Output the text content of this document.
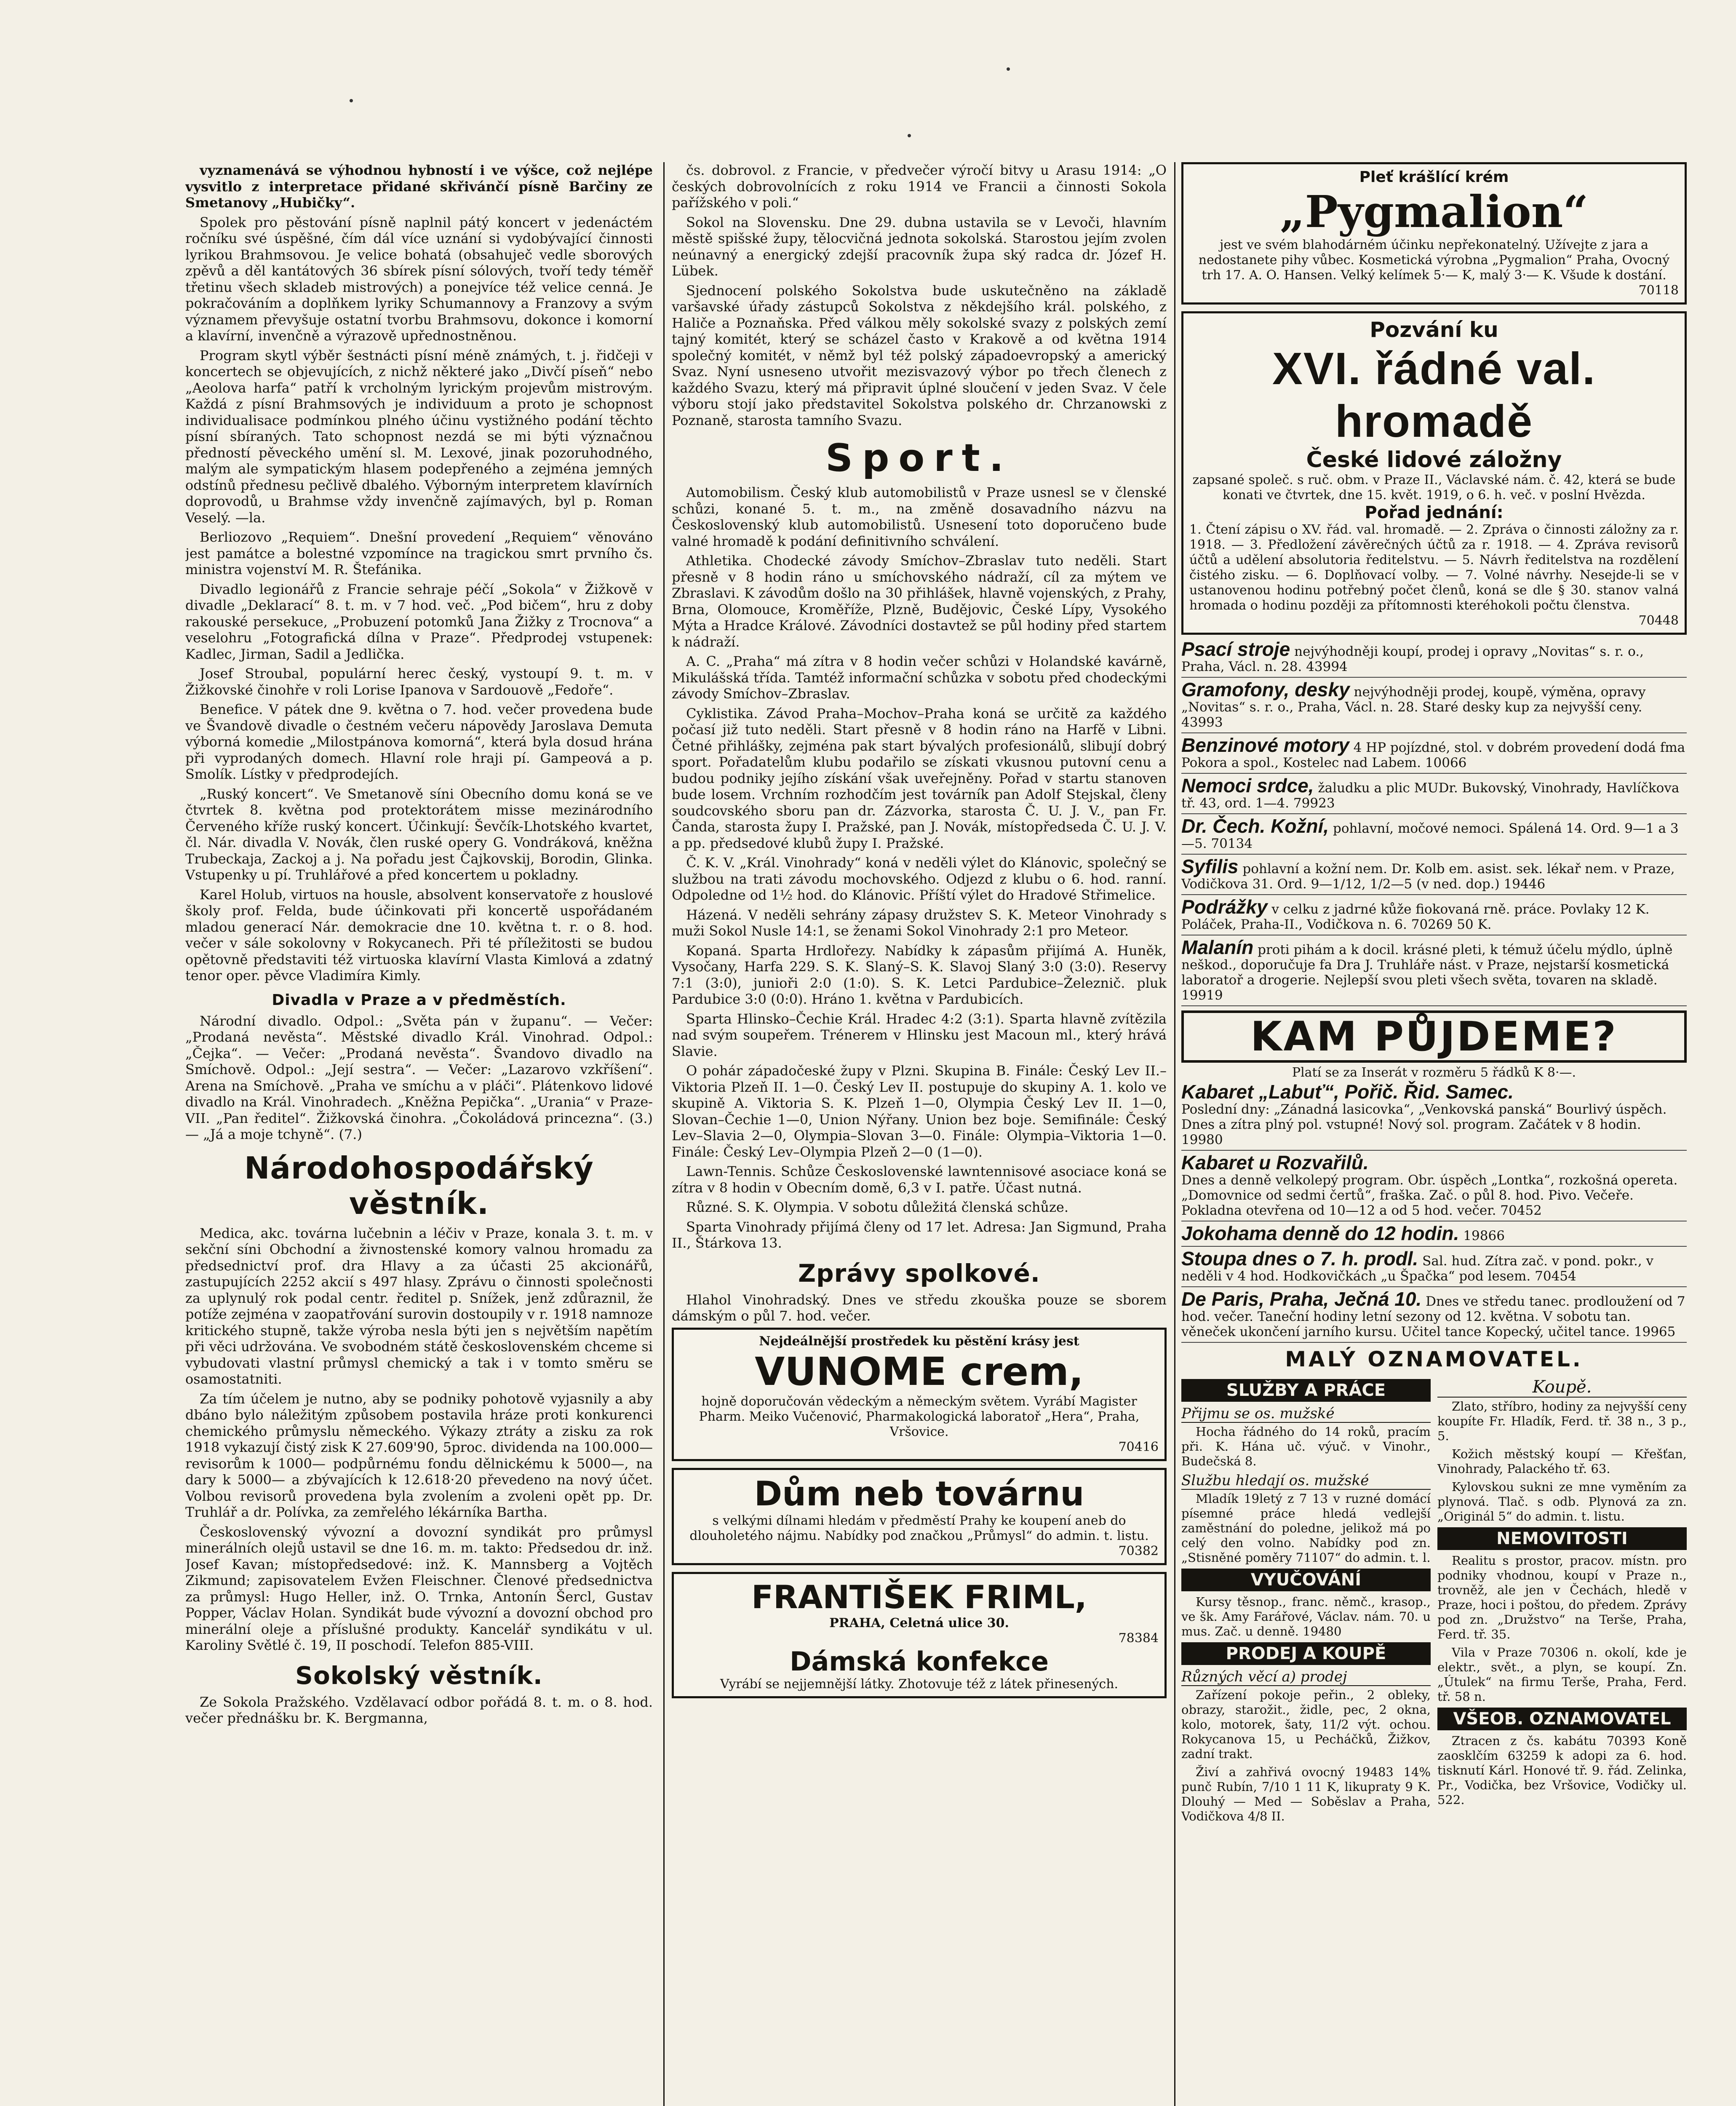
vyznamenává se výhodnou hybností i ve výšce, což nejlépe vysvitlo z interpretace přidané skřivánčí písně Barčiny ze Smetanovy „Hubičky“.

Spolek pro pěstování písně naplnil pátý koncert v jedenáctém ročníku své úspěšné, čím dál více uznání si vydobývající činnosti lyrikou Brahmsovou. Je velice bohatá (obsahuječ vedle sborových zpěvů a děl kantátových 36 sbírek písní sólových, tvoří tedy téměř třetinu všech skladeb mistrových) a ponejvíce též velice cenná. Je pokračováním a doplňkem lyriky Schumannovy a Franzovy a svým významem převyšuje ostatní tvorbu Brahmsovu, dokonce i komorní a klavírní, invenčně a výrazově upřednostněnou.

Program skytl výběr šestnácti písní méně známých, t. j. řidčeji v koncertech se objevujících, z nichž některé jako „Divčí píseň“ nebo „Aeolova harfa“ patří k vrcholným lyrickým projevům mistrovým. Každá z písní Brahmsových je individuum a proto je schopnost individualisace podmínkou plného účinu vystižného podání těchto písní sbíraných. Tato schopnost nezdá se mi býti význačnou předností pěveckého umění sl. M. Lexové, jinak pozoruhodného, malým ale sympatickým hlasem podepřeného a zejména jemných odstínů přednesu pečlivě dbalého. Výborným interpretem klavírních doprovodů, u Brahmse vždy invenčně zajímavých, byl p. Roman Veselý. —la.

Berliozovo „Requiem“. Dnešní provedení „Requiem“ věnováno jest památce a bolestné vzpomínce na tragickou smrt prvního čs. ministra vojenství M. R. Štefánika.

Divadlo legionářů z Francie sehraje péčí „Sokola“ v Žižkově v divadle „Deklarací“ 8. t. m. v 7 hod. več. „Pod bičem“, hru z doby rakouské persekuce, „Probuzení potomků Jana Žižky z Trocnova“ a veselohru „Fotografická dílna v Praze“. Předprodej vstupenek: Kadlec, Jirman, Sadil a Jedlička.

Josef Stroubal, populární herec český, vystoupí 9. t. m. v Žižkovské činohře v roli Lorise Ipanova v Sardouově „Fedoře“.

Benefice. V pátek dne 9. května o 7. hod. večer provedena bude ve Švandově divadle o čestném večeru nápovědy Jaroslava Demuta výborná komedie „Milostpánova komorná“, která byla dosud hrána při vyprodaných domech. Hlavní role hraji pí. Gampeová a p. Smolík. Lístky v předprodejích.

„Ruský koncert“. Ve Smetanově síni Obecního domu koná se ve čtvrtek 8. května pod protektorátem misse mezinárodního Červeného kříže ruský koncert. Účinkují: Ševčík-Lhotského kvartet, čl. Nár. divadla V. Novák, člen ruské opery G. Vondráková, kněžna Trubeckaja, Zackoj a j. Na pořadu jest Čajkovskij, Borodin, Glinka. Vstupenky u pí. Truhlářové a před koncertem u pokladny.

Karel Holub, virtuos na housle, absolvent konservatoře z houslové školy prof. Felda, bude účinkovati při koncertě uspořádaném mladou generací Nár. demokracie dne 10. května t. r. o 8. hod. večer v sále sokolovny v Rokycanech. Při té příležitosti se budou opětovně představiti též virtuoska klavírní Vlasta Kimlová a zdatný tenor oper. pěvce Vladimíra Kimly.

Divadla v Praze a v předměstích.

Národní divadlo. Odpol.: „Světa pán v županu“. — Večer: „Prodaná nevěsta“. Městské divadlo Král. Vinohrad. Odpol.: „Čejka“. — Večer: „Prodaná nevěsta“. Švandovo divadlo na Smíchově. Odpol.: „Její sestra“. — Večer: „Lazarovo vzkříšení“. Arena na Smíchově. „Praha ve smíchu a v pláči“. Plátenkovo lidové divadlo na Král. Vinohradech. „Kněžna Pepička“. „Urania“ v Praze-VII. „Pan ředitel“. Žižkovská činohra. „Čokoládová princezna“. (3.) — „Já a moje tchyně“. (7.)

Národohospodářský věstník.

Medica, akc. továrna lučebnin a léčiv v Praze, konala 3. t. m. v sekční síni Obchodní a živnostenské komory valnou hromadu za předsednictví prof. dra Hlavy a za účasti 25 akcionářů, zastupujících 2252 akcií s 497 hlasy. Zprávu o činnosti společnosti za uplynulý rok podal centr. ředitel p. Snížek, jenž zdůraznil, že potíže zejména v zaopatřování surovin dostoupily v r. 1918 namnoze kritického stupně, takže výroba nesla býti jen s největším napětím při věci udržována. Ve svobodném státě československém chceme si vybudovati vlastní průmysl chemický a tak i v tomto směru se osamostatniti.

Za tím účelem je nutno, aby se podniky pohotově vyjasnily a aby dbáno bylo náležitým způsobem postavila hráze proti konkurenci chemického průmyslu německého. Výkazy ztráty a zisku za rok 1918 vykazují čistý zisk K 27.609'90, 5proc. dividenda na 100.000— revisorům k 1000— podpůrnému fondu dělnickému k 5000—, na dary k 5000— a zbývajících k 12.618·20 převedeno na nový účet. Volbou revisorů provedena byla zvolením a zvoleni opět pp. Dr. Truhlář a dr. Polívka, za zemřelého lékárníka Bartha.

Československý vývozní a dovozní syndikát pro průmysl minerálních olejů ustavil se dne 16. m. m. takto: Předsedou dr. inž. Josef Kavan; místopředsedové: inž. K. Mannsberg a Vojtěch Zikmund; zapisovatelem Evžen Fleischner. Členové předsednictva za průmysl: Hugo Heller, inž. O. Trnka, Antonín Šercl, Gustav Popper, Václav Holan. Syndikát bude vývozní a dovozní obchod pro minerální oleje a příslušné produkty. Kancelář syndikátu v ul. Karoliny Světlé č. 19, II poschodí. Telefon 885-VIII.

Sokolský věstník.

Ze Sokola Pražského. Vzdělavací odbor pořádá 8. t. m. o 8. hod. večer přednášku br. K. Bergmanna,

čs. dobrovol. z Francie, v předvečer výročí bitvy u Arasu 1914: „O českých dobrovolnících z roku 1914 ve Francii a činnosti Sokola pařížského v poli.“

Sokol na Slovensku. Dne 29. dubna ustavila se v Levoči, hlavním městě spišské župy, tělocvičná jednota sokolská. Starostou jejím zvolen neúnavný a energický zdejší pracovník župa ský radca dr. Józef H. Lübek.

Sjednocení polského Sokolstva bude uskutečněno na základě varšavské úřady zástupců Sokolstva z někdejšího král. polského, z Haliče a Poznaňska. Před válkou měly sokolské svazy z polských zemí tajný komitét, který se scházel často v Krakově a od května 1914 společný komitét, v němž byl též polský západoevropský a americký Svaz. Nyní usneseno utvořit mezisvazový výbor po třech členech z každého Svazu, který má připravit úplné sloučení v jeden Svaz. V čele výboru stojí jako představitel Sokolstva polského dr. Chrzanowski z Poznaně, starosta tamního Svazu.

Sport.

Automobilism. Český klub automobilistů v Praze usnesl se v členské schůzi, konané 5. t. m., na změně dosavadního názvu na Československý klub automobilistů. Usnesení toto doporučeno bude valné hromadě k podání definitivního schválení.

Athletika. Chodecké závody Smíchov–Zbraslav tuto neděli. Start přesně v 8 hodin ráno u smíchovského nádraží, cíl za mýtem ve Zbraslavi. K závodům došlo na 30 přihlášek, hlavně vojenských, z Prahy, Brna, Olomouce, Kroměříže, Plzně, Budějovic, České Lípy, Vysokého Mýta a Hradce Králové. Závodníci dostavtež se půl hodiny před startem k nádraží.

A. C. „Praha“ má zítra v 8 hodin večer schůzi v Holandské kavárně, Mikulášská třída. Tamtéž informační schůzka v sobotu před chodeckými závody Smíchov–Zbraslav.

Cyklistika. Závod Praha–Mochov–Praha koná se určitě za každého počasí již tuto neděli. Start přesně v 8 hodin ráno na Harfě v Libni. Četné přihlášky, zejména pak start bývalých profesionálů, slibují dobrý sport. Pořadatelům klubu podařilo se získati vkusnou putovní cenu a budou podniky jejího získání však uveřejněny. Pořad v startu stanoven bude losem. Vrchním rozhodčím jest továrník pan Adolf Stejskal, členy soudcovského sboru pan dr. Zázvorka, starosta Č. U. J. V., pan Fr. Čanda, starosta župy I. Pražské, pan J. Novák, místopředseda Č. U. J. V. a pp. předsedové klubů župy I. Pražské.

Č. K. V. „Král. Vinohrady“ koná v neděli výlet do Klánovic, společný se službou na trati závodu mochovského. Odjezd z klubu o 6. hod. ranní. Odpoledne od 1½ hod. do Klánovic. Příští výlet do Hradové Střimelice.

Házená. V neděli sehrány zápasy družstev S. K. Meteor Vinohrady s muži Sokol Nusle 14:1, se ženami Sokol Vinohrady 2:1 pro Meteor.

Kopaná. Sparta Hrdlořezy. Nabídky k zápasům přijímá A. Huněk, Vysočany, Harfa 229. S. K. Slaný–S. K. Slavoj Slaný 3:0 (3:0). Reservy 7:1 (3:0), junioři 2:0 (1:0). S. K. Letci Pardubice–Železnič. pluk Pardubice 3:0 (0:0). Hráno 1. května v Pardubicích.

Sparta Hlinsko–Čechie Král. Hradec 4:2 (3:1). Sparta hlavně zvítězila nad svým soupeřem. Trénerem v Hlinsku jest Macoun ml., který hrává Slavie.

O pohár západočeské župy v Plzni. Skupina B. Finále: Český Lev II.–Viktoria Plzeň II. 1—0. Český Lev II. postupuje do skupiny A. 1. kolo ve skupině A. Viktoria S. K. Plzeň 1—0, Olympia Český Lev II. 1—0, Slovan–Čechie 1—0, Union Nýřany. Union bez boje. Semifinále: Český Lev–Slavia 2—0, Olympia–Slovan 3—0. Finále: Olympia–Viktoria 1—0. Finále: Český Lev–Olympia Plzeň 2—0 (1—0).

Lawn-Tennis. Schůze Československé lawntennisové asociace koná se zítra v 8 hodin v Obecním domě, 6,3 v I. patře. Účast nutná.

Různé. S. K. Olympia. V sobotu důležitá členská schůze.

Sparta Vinohrady přijímá členy od 17 let. Adresa: Jan Sigmund, Praha II., Štárkova 13.

Zprávy spolkové.

Hlahol Vinohradský. Dnes ve středu zkouška pouze se sborem dámským o půl 7. hod. večer.

Nejdeálnější prostředek ku pěstění krásy jest
VUNOME crem,
hojně doporučován vědeckým a německým světem. Vyrábí Magister Pharm. Meiko Vučenović, Pharmakologická laboratoř „Hera“, Praha, Vršovice.
70416
Dům neb továrnu
s velkými dílnami hledám v předměstí Prahy ke koupení aneb do dlouholetého nájmu. Nabídky pod značkou „Průmysl“ do admin. t. listu.
70382
FRANTIŠEK FRIML,
PRAHA, Celetná ulice 30.
78384
Dámská konfekce
Vyrábí se nejjemnější látky. Zhotovuje též z látek přinesených.
Pleť krášlící krém
„Pygmalion“
jest ve svém blahodárném účinku nepřekonatelný. Užívejte z jara a nedostanete pihy vůbec. Kosmetická výrobna „Pygmalion“ Praha, Ovocný trh 17. A. O. Hansen. Velký kelímek 5·— K, malý 3·— K. Všude k dostání.
70118
Pozvání ku
XVI. řádné val. hromadě
České lidové záložny
zapsané společ. s ruč. obm. v Praze II., Václavské nám. č. 42, která se bude konati ve čtvrtek, dne 15. květ. 1919, o 6. h. več. v poslní Hvězda.
Pořad jednání:
1. Čtení zápisu o XV. řád. val. hromadě. — 2. Zpráva o činnosti záložny za r. 1918. — 3. Předložení závěrečných účtů za r. 1918. — 4. Zpráva revisorů účtů a udělení absolutoria ředitelstvu. — 5. Návrh ředitelstva na rozdělení čistého zisku. — 6. Doplňovací volby. — 7. Volné návrhy. Nesejde-li se v ustanovenou hodinu potřebný počet členů, koná se dle § 30. stanov valná hromada o hodinu později za přítomnosti kteréhokoli počtu členstva.
70448
Psací stroje nejvýhodněji koupí, prodej i opravy „Novitas“ s. r. o., Praha, Václ. n. 28. 43994
Gramofony, desky nejvýhodněji prodej, koupě, výměna, opravy „Novitas“ s. r. o., Praha, Václ. n. 28. Staré desky kup za nejvyšší ceny. 43993
Benzinové motory 4 HP pojízdné, stol. v dobrém provedení dodá fma Pokora a spol., Kostelec nad Labem. 10066
Nemoci srdce, žaludku a plic MUDr. Bukovský, Vinohrady, Havlíčkova tř. 43, ord. 1—4. 79923
Dr. Čech. Kožní, pohlavní, močové nemoci. Spálená 14. Ord. 9—1 a 3—5. 70134
Syfilis pohlavní a kožní nem. Dr. Kolb em. asist. sek. lékař nem. v Praze, Vodičkova 31. Ord. 9—1/12, 1/2—5 (v ned. dop.) 19446
Podrážky v celku z jadrné kůže fiokovaná rně. práce. Povlaky 12 K. Poláček, Praha-II., Vodičkova n. 6. 70269 50 K.
Malanín proti pihám a k docil. krásné pleti, k témuž účelu mýdlo, úplně neškod., doporučuje fa Dra J. Truhláře nást. v Praze, nejstarší kosmetická laboratoř a drogerie. Nejlepší svou pleti všech světa, tovaren na skladě. 19919
KAM PŮJDEME?
Platí se za Inserát v rozměru 5 řádků K 8·—.
Kabaret „Labuť“, Pořič. Řid. Samec.
Poslední dny: „Zánadná lasicovka“, „Venkovská panská“ Bourlivý úspěch. Dnes a zítra plný pol. vstupné! Nový sol. program. Začátek v 8 hodin. 19980
Kabaret u Rozvařilů.
Dnes a denně velkolepý program. Obr. úspěch „Lontka“, rozkošná opereta. „Domovnice od sedmi čertů“, fraška. Zač. o půl 8. hod. Pivo. Večeře. Pokladna otevřena od 10—12 a od 5 hod. večer. 70452
Jokohama denně do 12 hodin. 19866
Stoupa dnes o 7. h. prodl. Sal. hud. Zítra zač. v pond. pokr., v neděli v 4 hod. Hodkovičkách „u Špačka“ pod lesem. 70454
De Paris, Praha, Ječná 10. Dnes ve středu tanec. prodloužení od 7 hod. večer. Taneční hodiny letní sezony od 12. května. V sobotu tan. věneček ukončení jarního kursu. Učitel tance Kopecký, učitel tance. 19965
MALÝ OZNAMOVATEL.
SLUŽBY A PRÁCE
Přijmu se os. mužské

Hocha řádného do 14 roků, pracím při. K. Hána uč. výuč. v Vinohr., Budečská 8.

Službu hledají os. mužské

Mladík 19letý z 7 13 v ruzné domácí písemné práce hledá vedlejší zaměstnání do poledne, jelikož má po celý den volno. Nabídky pod zn. „Stisněné poměry 71107“ do admin. t. l.

VYUČOVÁNÍ

Kursy těsnop., franc. němč., krasop., ve šk. Amy Farářové, Václav. nám. 70. u mus. Zač. u denně. 19480

PRODEJ A KOUPĚ
Různých věcí a) prodej

Zařízení pokoje peřin., 2 obleky, obrazy, starožit., židle, pec, 2 okna, kolo, motorek, šaty, 11/2 výt. ochou. Rokycanova 15, u Pecháčků, Žižkov, zadní trakt.

Živí a zahřivá ovocný 19483 14% punč Rubín, 7/10 1 11 K, likupraty 9 K. Dlouhý — Med — Soběslav a Praha, Vodičkova 4/8 II.

Koupě.

Zlato, stříbro, hodiny za nejvyšší ceny koupíte Fr. Hladík, Ferd. tř. 38 n., 3 p., 5.

Kožich městský koupí — Křešťan, Vinohrady, Palackého tř. 63.

Kylovskou sukni ze mne vyměním za plynová. Tlač. s odb. Plynová za zn. „Originál 5“ do admin. t. listu.

NEMOVITOSTI

Realitu s prostor, pracov. místn. pro podniky vhodnou, koupí v Praze n., trovněž, ale jen v Čechách, hledě v Praze, hoci i poštou, do předem. Zprávy pod zn. „Družstvo“ na Terše, Praha, Ferd. tř. 35.

Vila v Praze 70306 n. okolí, kde je elektr., svět., a plyn, se koupí. Zn. „Útulek“ na firmu Terše, Praha, Ferd. tř. 58 n.

VŠEOB. OZNAMOVATEL

Ztracen z čs. kabátu 70393 Koně zaosklčím 63259 k adopi za 6. hod. tisknutí Kárl. Honové tř. 9. řád. Zelinka, Pr., Vodička, bez Vršovice, Vodičky ul. 522.
